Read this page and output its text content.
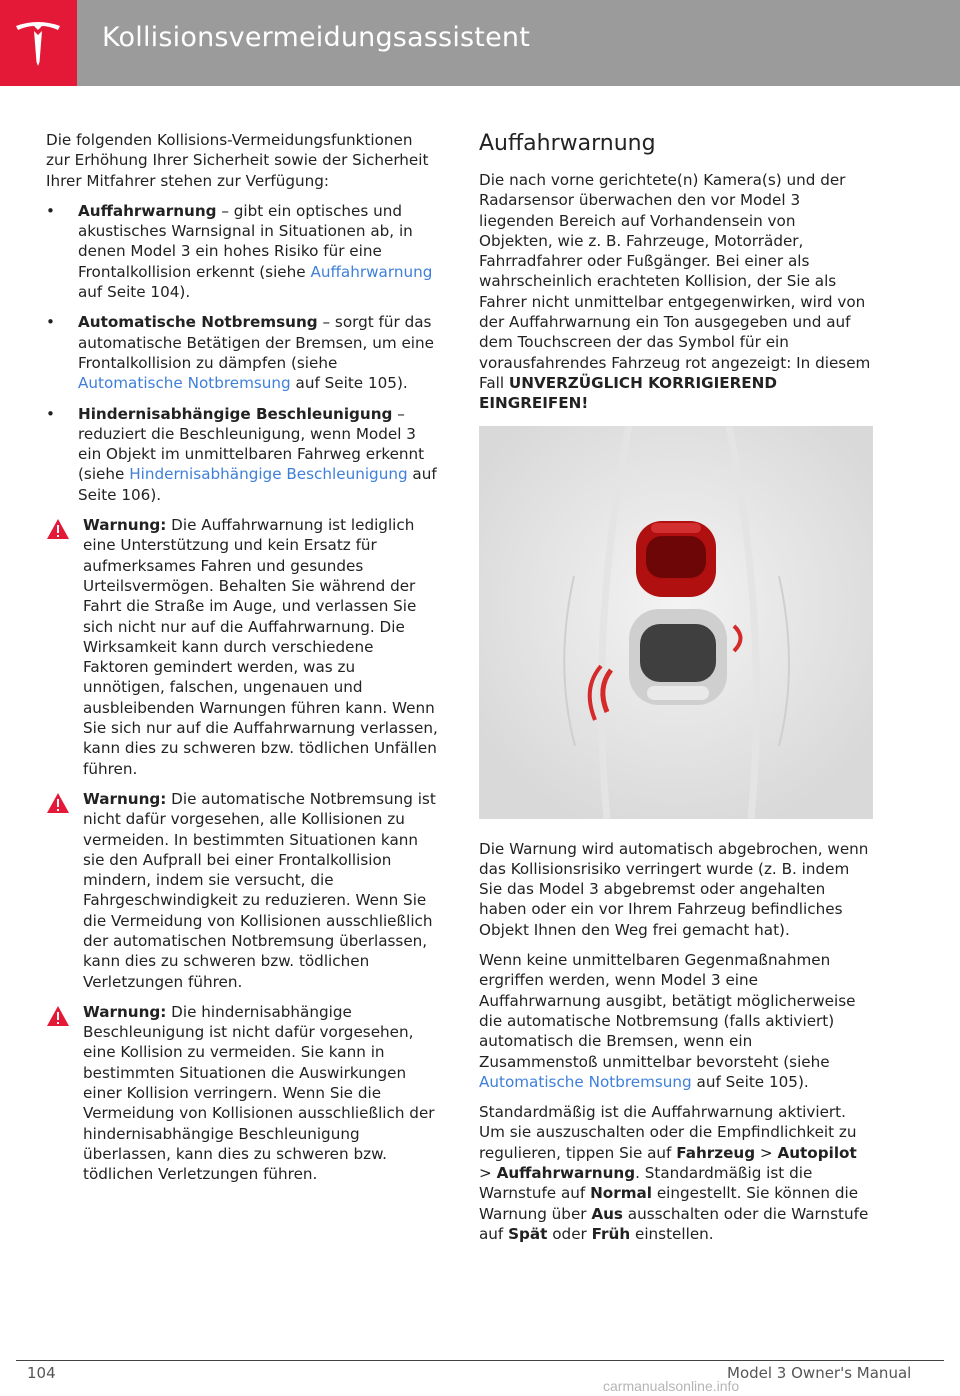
Kollisionsvermeidungsassistent

Die folgenden Kollisions-Vermeidungsfunktionen zur Erhöhung Ihrer Sicherheit sowie der Sicherheit Ihrer Mitfahrer stehen zur Verfügung:

• Auffahrwarnung – gibt ein optisches und akustisches Warnsignal in Situationen ab, in denen Model 3 ein hohes Risiko für eine Frontalkollision erkennt (siehe Auffahrwarnung auf Seite 104).
• Automatische Notbremsung – sorgt für das automatische Betätigen der Bremsen, um eine Frontalkollision zu dämpfen (siehe Automatische Notbremsung auf Seite 105).
• Hindernisabhängige Beschleunigung – reduziert die Beschleunigung, wenn Model 3 ein Objekt im unmittelbaren Fahrweg erkennt (siehe Hindernisabhängige Beschleunigung auf Seite 106).
Warnung: Die Auffahrwarnung ist lediglich eine Unterstützung und kein Ersatz für aufmerksames Fahren und gesundes Urteilsvermögen. Behalten Sie während der Fahrt die Straße im Auge, und verlassen Sie sich nicht nur auf die Auffahrwarnung. Die Wirksamkeit kann durch verschiedene Faktoren gemindert werden, was zu unnötigen, falschen, ungenauen und ausbleibenden Warnungen führen kann. Wenn Sie sich nur auf die Auffahrwarnung verlassen, kann dies zu schweren bzw. tödlichen Unfällen führen.
Warnung: Die automatische Notbremsung ist nicht dafür vorgesehen, alle Kollisionen zu vermeiden. In bestimmten Situationen kann sie den Aufprall bei einer Frontalkollision mindern, indem sie versucht, die Fahrgeschwindigkeit zu reduzieren. Wenn Sie die Vermeidung von Kollisionen ausschließlich der automatischen Notbremsung überlassen, kann dies zu schweren bzw. tödlichen Verletzungen führen.
Warnung: Die hindernisabhängige Beschleunigung ist nicht dafür vorgesehen, eine Kollision zu vermeiden. Sie kann in bestimmten Situationen die Auswirkungen einer Kollision verringern. Wenn Sie die Vermeidung von Kollisionen ausschließlich der hindernisabhängige Beschleunigung überlassen, kann dies zu schweren bzw. tödlichen Verletzungen führen.
Auffahrwarnung

Die nach vorne gerichtete(n) Kamera(s) und der Radarsensor überwachen den vor Model 3 liegenden Bereich auf Vorhandensein von Objekten, wie z. B. Fahrzeuge, Motorräder, Fahrradfahrer oder Fußgänger. Bei einer als wahrscheinlich erachteten Kollision, der Sie als Fahrer nicht unmittelbar entgegenwirken, wird von der Auffahrwarnung ein Ton ausgegeben und auf dem Touchscreen der das Symbol für ein vorausfahrendes Fahrzeug rot angezeigt: In diesem Fall UNVERZÜGLICH KORRIGIEREND EINGREIFEN!

Die Warnung wird automatisch abgebrochen, wenn das Kollisionsrisiko verringert wurde (z. B. indem Sie das Model 3 abgebremst oder angehalten haben oder ein vor Ihrem Fahrzeug befindliches Objekt Ihnen den Weg frei gemacht hat).

Wenn keine unmittelbaren Gegenmaßnahmen ergriffen werden, wenn Model 3 eine Auffahrwarnung ausgibt, betätigt möglicherweise die automatische Notbremsung (falls aktiviert) automatisch die Bremsen, wenn ein Zusammenstoß unmittelbar bevorsteht (siehe Automatische Notbremsung auf Seite 105).

Standardmäßig ist die Auffahrwarnung aktiviert. Um sie auszuschalten oder die Empfindlichkeit zu regulieren, tippen Sie auf Fahrzeug > Autopilot > Auffahrwarnung. Standardmäßig ist die Warnstufe auf Normal eingestellt. Sie können die Warnung über Aus ausschalten oder die Warnstufe auf Spät oder Früh einstellen.

104	Model 3 Owner's Manual
carmanualsonline.info
